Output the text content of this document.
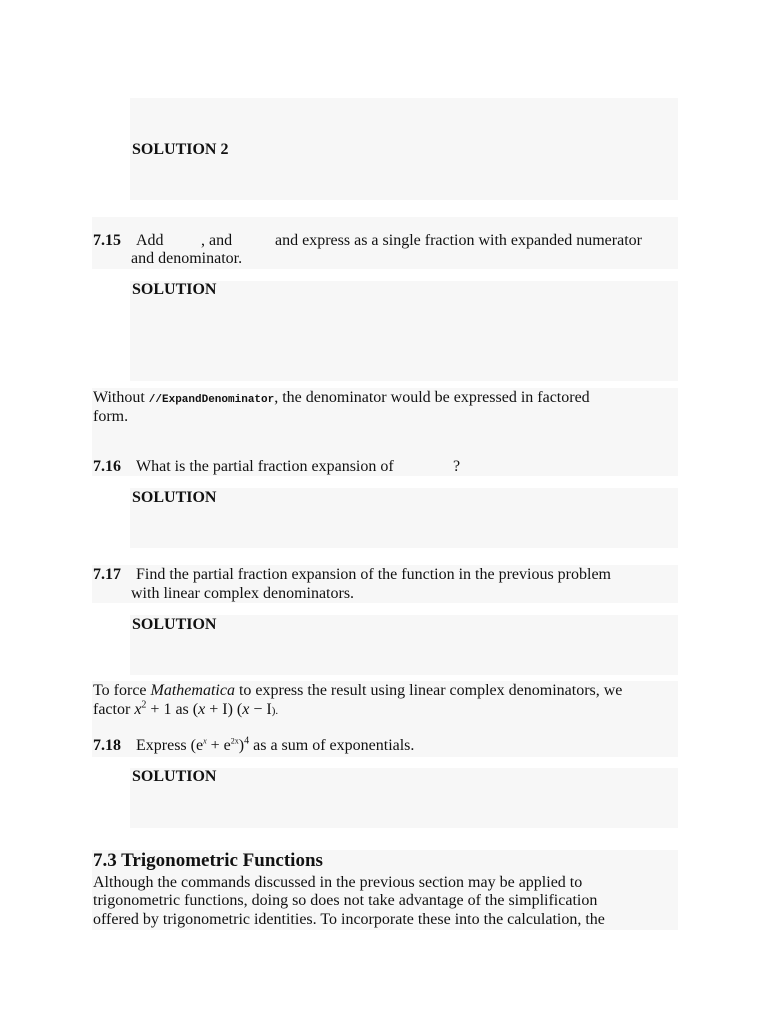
SOLUTION 2
7.15 Add , and	and express as a single fraction with expanded numerator
and denominator.
SOLUTION
Without //ExpandDenominator, the denominator would be expressed in factored
form.
7.16 What is the partial fraction expansion of	?
SOLUTION
7.17 Find the partial fraction expansion of the function in the previous problem
with linear complex denominators.
SOLUTION
To force Mathematica to express the result using linear complex denominators, we
factor $x^2 + 1$ as (x + I) (x − I).
7.18 Express $(e^x + e^{2x})^4$ as a sum of exponentials.
SOLUTION
7.3 Trigonometric Functions
Although the commands discussed in the previous section may be applied to
trigonometric functions, doing so does not take advantage of the simplification
offered by trigonometric identities. To incorporate these into the calculation, the
